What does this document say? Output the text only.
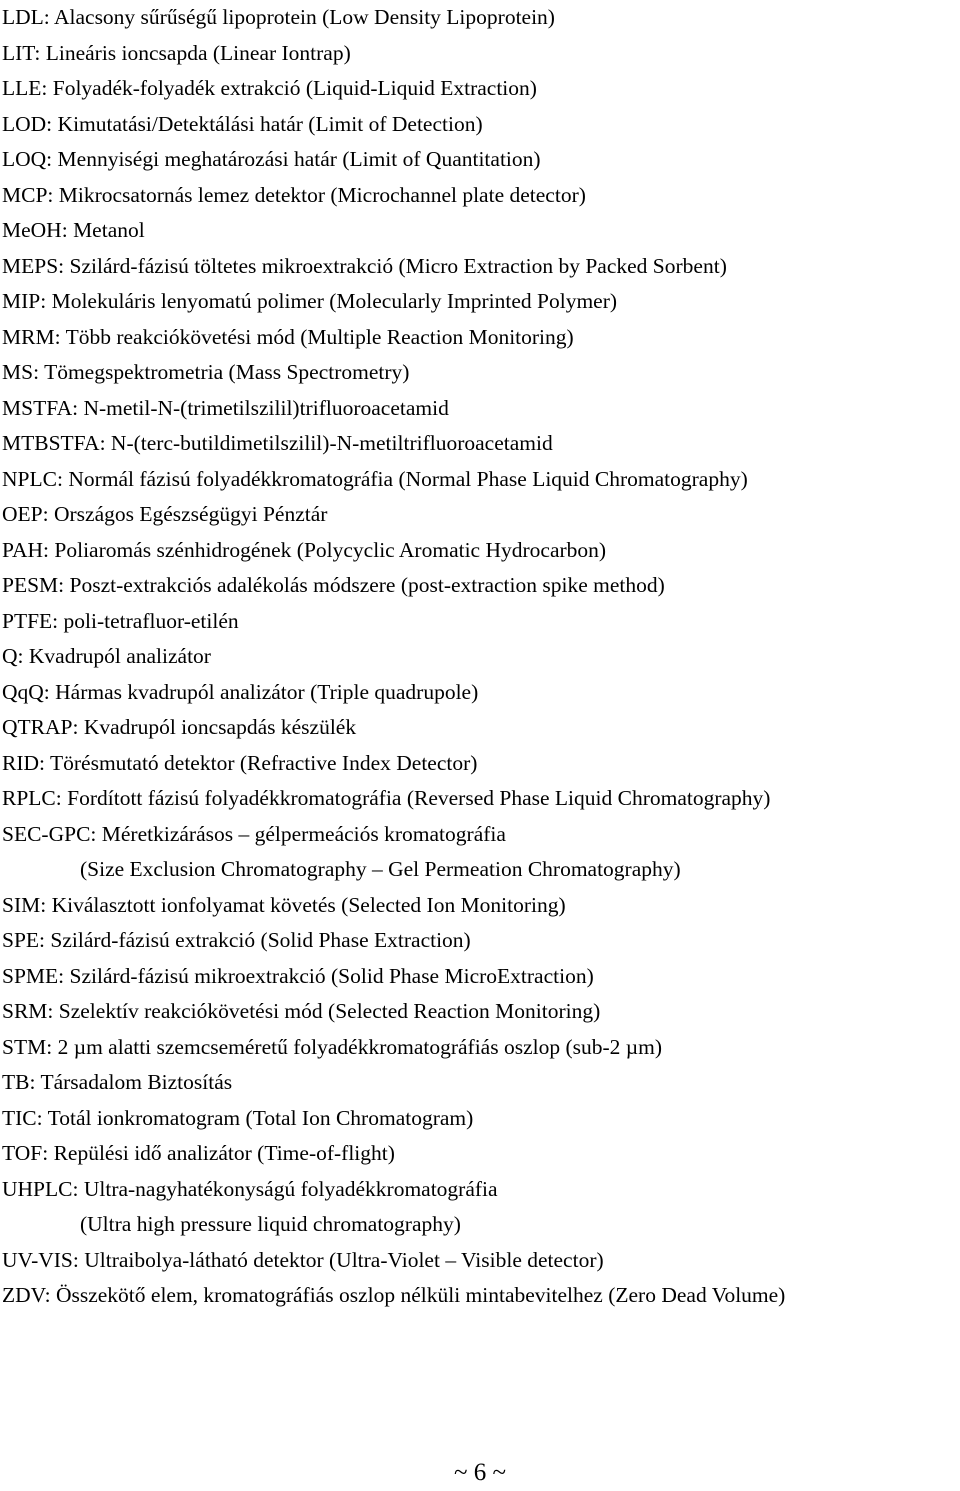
LDL: Alacsony sűrűségű lipoprotein (Low Density Lipoprotein)
LIT: Lineáris ioncsapda (Linear Iontrap)
LLE: Folyadék-folyadék extrakció (Liquid-Liquid Extraction)
LOD: Kimutatási/Detektálási határ (Limit of Detection)
LOQ: Mennyiségi meghatározási határ (Limit of Quantitation)
MCP: Mikrocsatornás lemez detektor (Microchannel plate detector)
MeOH: Metanol
MEPS: Szilárd-fázisú töltetes mikroextrakció (Micro Extraction by Packed Sorbent)
MIP: Molekuláris lenyomatú polimer (Molecularly Imprinted Polymer)
MRM: Több reakciókövetési mód (Multiple Reaction Monitoring)
MS: Tömegspektrometria (Mass Spectrometry)
MSTFA: N-metil-N-(trimetilszilil)trifluoroacetamid
MTBSTFA: N-(terc-butildimetilszilil)-N-metiltrifluoroacetamid
NPLC: Normál fázisú folyadékkromatográfia (Normal Phase Liquid Chromatography)
OEP: Országos Egészségügyi Pénztár
PAH: Poliaromás szénhidrogének (Polycyclic Aromatic Hydrocarbon)
PESM: Poszt-extrakciós adalékolás módszere (post-extraction spike method)
PTFE: poli-tetrafluor-etilén
Q: Kvadrupól analizátor
QqQ: Hármas kvadrupól analizátor (Triple quadrupole)
QTRAP: Kvadrupól ioncsapdás készülék
RID: Törésmutató detektor (Refractive Index Detector)
RPLC: Fordított fázisú folyadékkromatográfia (Reversed Phase Liquid Chromatography)
SEC-GPC: Méretkizárásos – gélpermeációs kromatográfia
(Size Exclusion Chromatography – Gel Permeation Chromatography)
SIM: Kiválasztott ionfolyamat követés (Selected Ion Monitoring)
SPE: Szilárd-fázisú extrakció (Solid Phase Extraction)
SPME: Szilárd-fázisú mikroextrakció (Solid Phase MicroExtraction)
SRM: Szelektív reakciókövetési mód (Selected Reaction Monitoring)
STM: 2 µm alatti szemcseméretű folyadékkromatográfiás oszlop (sub-2 µm)
TB: Társadalom Biztosítás
TIC: Totál ionkromatogram (Total Ion Chromatogram)
TOF: Repülési idő analizátor (Time-of-flight)
UHPLC: Ultra-nagyhatékonyságú folyadékkromatográfia
(Ultra high pressure liquid chromatography)
UV-VIS: Ultraibolya-látható detektor (Ultra-Violet – Visible detector)
ZDV: Összekötő elem, kromatográfiás oszlop nélküli mintabevitelhez (Zero Dead Volume)
~ 6 ~
